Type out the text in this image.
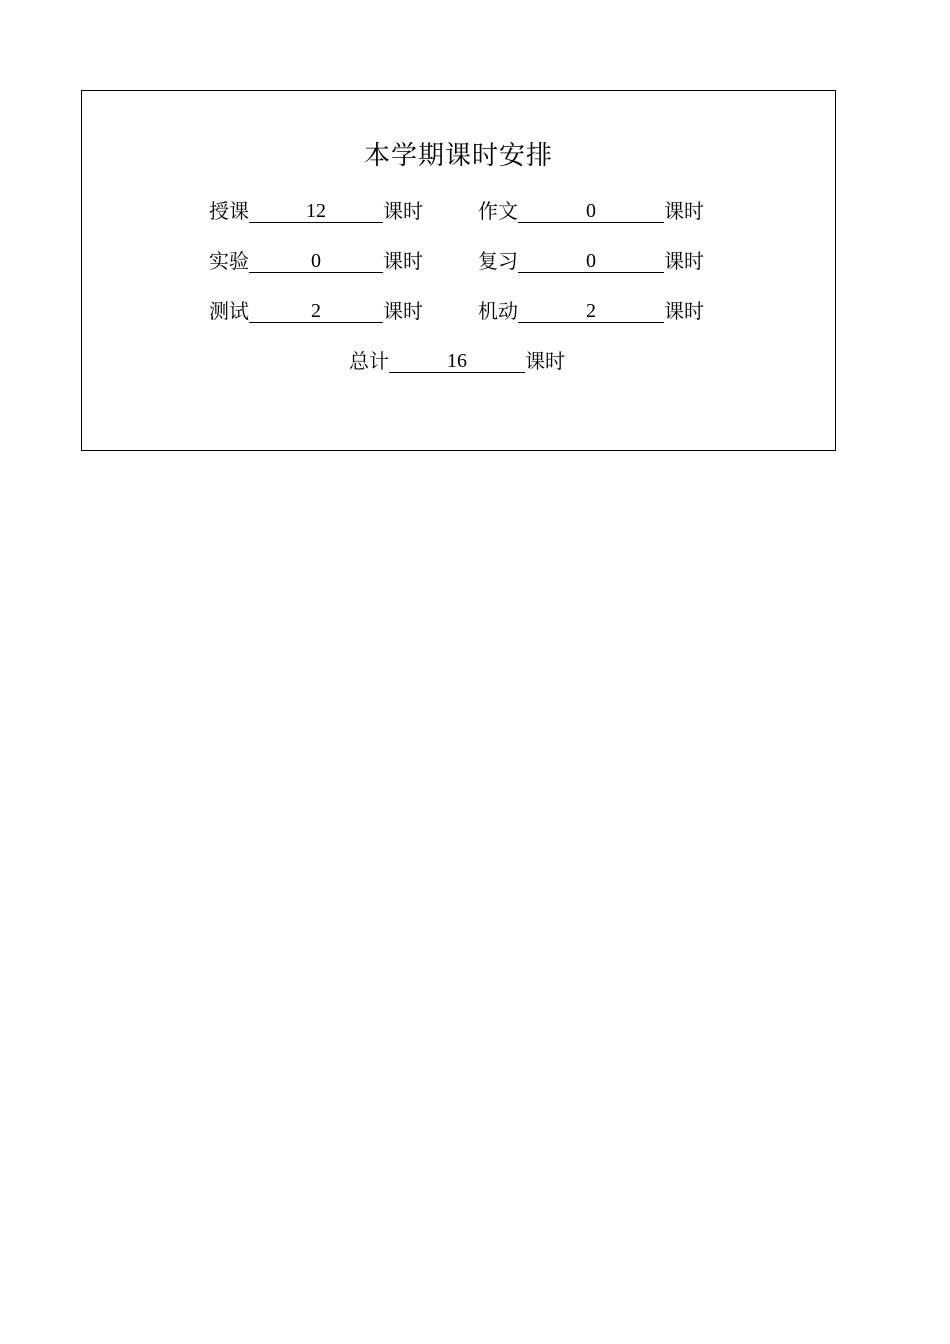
本学期课时安排
授课	12	课时	作文	0	课时
实验	0	课时	复习	0	课时
测试	2	课时	机动	2	课时
总计	16	课时
